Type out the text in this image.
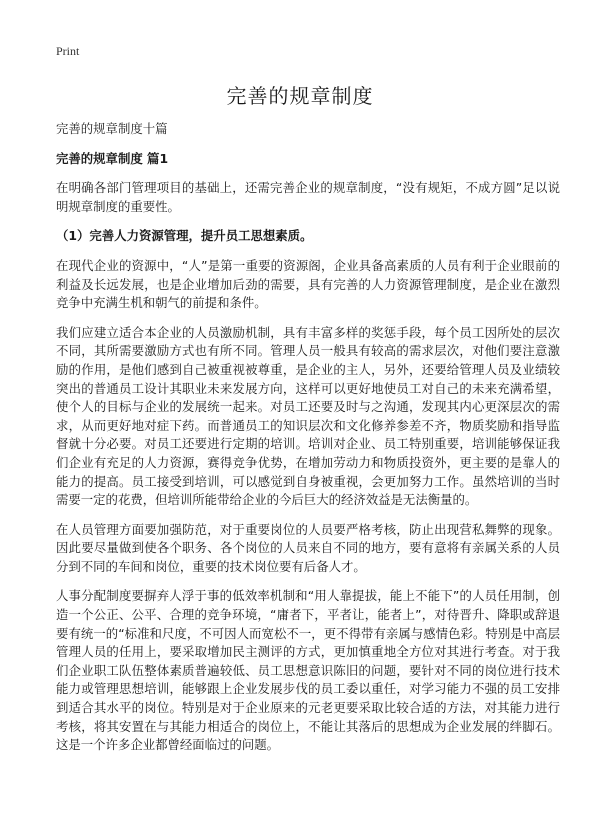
Print
完善的规章制度

完善的规章制度十篇

完善的规章制度 篇1

在明确各部门管理项目的基础上，还需完善企业的规章制度，“没有规矩，不成方圆”足以说明规章制度的重要性。

（1）完善人力资源管理，提升员工思想素质。

在现代企业的资源中，“人”是第一重要的资源阁，企业具备高素质的人员有利于企业眼前的利益及长远发展，也是企业增加后劲的需要，具有完善的人力资源管理制度，是企业在激烈竞争中充满生机和朝气的前提和条件。

我们应建立适合本企业的人员激励机制，具有丰富多样的奖惩手段，每个员工因所处的层次不同，其所需要激励方式也有所不同。管理人员一般具有较高的需求层次，对他们要注意激励的作用，是他们感到自己被重视被尊重，是企业的主人，另外，还要给管理人员及业绩较突出的普通员工设计其职业未来发展方向，这样可以更好地使员工对自己的未来充满希望，使个人的目标与企业的发展统一起来。对员工还要及时与之沟通，发现其内心更深层次的需求，从而更好地对症下药。而普通员工的知识层次和文化修养参差不齐，物质奖励和指导监督就十分必要。对员工还要进行定期的培训。培训对企业、员工特别重要，培训能够保证我们企业有充足的人力资源，赛得竞争优势，在增加劳动力和物质投资外，更主要的是靠人的能力的提高。员工接受到培训，可以感觉到自身被重视，会更加努力工作。虽然培训的当时需要一定的花费，但培训所能带给企业的今后巨大的经济效益是无法衡量的。

在人员管理方面要加强防范，对于重要岗位的人员要严格考核，防止出现营私舞弊的现象。因此要尽量做到使各个职务、各个岗位的人员来自不同的地方，要有意将有亲属关系的人员分到不同的车间和岗位，重要的技术岗位要有后备人才。

人事分配制度要摒弃人浮于事的低效率机制和“用人靠提拔，能上不能下”的人员任用制，创造一个公正、公平、合理的竞争环境，“庸者下，平者让，能者上”，对待晋升、降职或辞退要有统一的“标准和尺度，不可因人而宽松不一，更不得带有亲属与感情色彩。特别是中高层管理人员的任用上，要采取增加民主测评的方式，更加慎重地全方位对其进行考查。对于我们企业职工队伍整体素质普遍较低、员工思想意识陈旧的问题，要针对不同的岗位进行技术能力或管理思想培训，能够跟上企业发展步伐的员工委以重任，对学习能力不强的员工安排到适合其水平的岗位。特别是对于企业原来的元老更要采取比较合适的方法，对其能力进行考核，将其安置在与其能力相适合的岗位上，不能让其落后的思想成为企业发展的绊脚石。这是一个许多企业都曾经面临过的问题。
